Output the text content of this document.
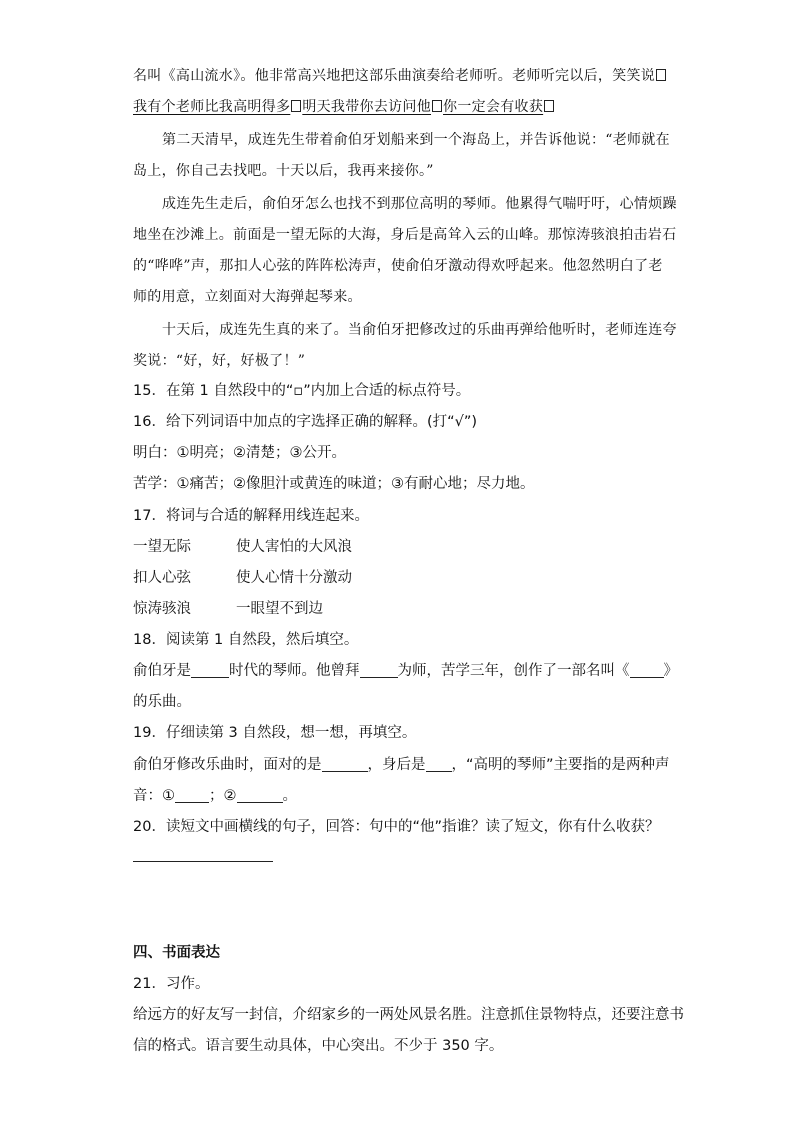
名叫《高山流水》。他非常高兴地把这部乐曲演奏给老师听。老师听完以后，笑笑说
我有个老师比我高明得多 明天我带你去访问他 你一定会有收获
第二天清早，成连先生带着俞伯牙划船来到一个海岛上，并告诉他说：“老师就在
岛上，你自己去找吧。十天以后，我再来接你。”
成连先生走后，俞伯牙怎么也找不到那位高明的琴师。他累得气喘吁吁，心情烦躁
地坐在沙滩上。前面是一望无际的大海，身后是高耸入云的山峰。那惊涛骇浪拍击岩石
的“哗哗”声，那扣人心弦的阵阵松涛声，使俞伯牙激动得欢呼起来。他忽然明白了老
师的用意，立刻面对大海弹起琴来。
十天后，成连先生真的来了。当俞伯牙把修改过的乐曲再弹给他听时，老师连连夸
奖说：“好，好，好极了！”
15．在第 1 自然段中的“▫”内加上合适的标点符号。
16．给下列词语中加点的字选择正确的解释。(打“√”)
明白：①明亮；②清楚；③公开。
苦学：①痛苦；②像胆汁或黄连的味道；③有耐心地；尽力地。
17．将词与合适的解释用线连起来。
一望无际	使人害怕的大风浪
扣人心弦	使人心情十分激动
惊涛骇浪	一眼望不到边
18．阅读第 1 自然段，然后填空。
俞伯牙是	时代的琴师。他曾拜	为师，苦学三年，创作了一部名叫《 》
的乐曲。
19．仔细读第 3 自然段，想一想，再填空。
俞伯牙修改乐曲时，面对的是	，身后是 ，“高明的琴师”主要指的是两种声
音：① ；②	。
20．读短文中画横线的句子，回答：句中的“他”指谁？读了短文，你有什么收获？
四、书面表达
21．习作。
给远方的好友写一封信，介绍家乡的一两处风景名胜。注意抓住景物特点，还要注意书
信的格式。语言要生动具体，中心突出。不少于 350 字。
